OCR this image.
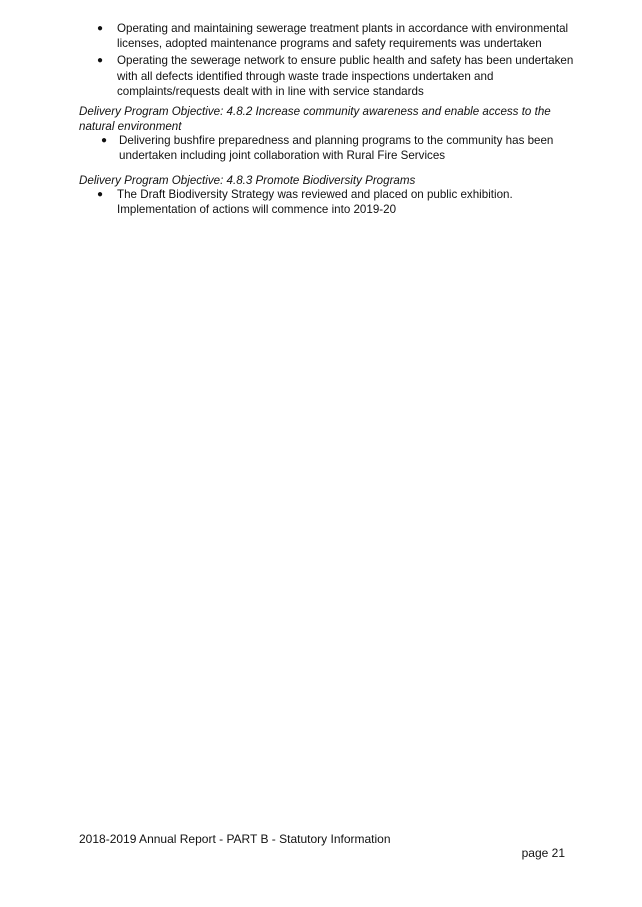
● Operating and maintaining sewerage treatment plants in accordance with environmental licenses, adopted maintenance programs and safety requirements was undertaken
● Operating the sewerage network to ensure public health and safety has been undertaken with all defects identified through waste trade inspections undertaken and complaints/requests dealt with in line with service standards
Delivery Program Objective: 4.8.2 Increase community awareness and enable access to the natural environment
● Delivering bushfire preparedness and planning programs to the community has been undertaken including joint collaboration with Rural Fire Services
Delivery Program Objective: 4.8.3 Promote Biodiversity Programs
● The Draft Biodiversity Strategy was reviewed and placed on public exhibition. Implementation of actions will commence into 2019-20
2018-2019 Annual Report - PART B - Statutory Information
page 21
